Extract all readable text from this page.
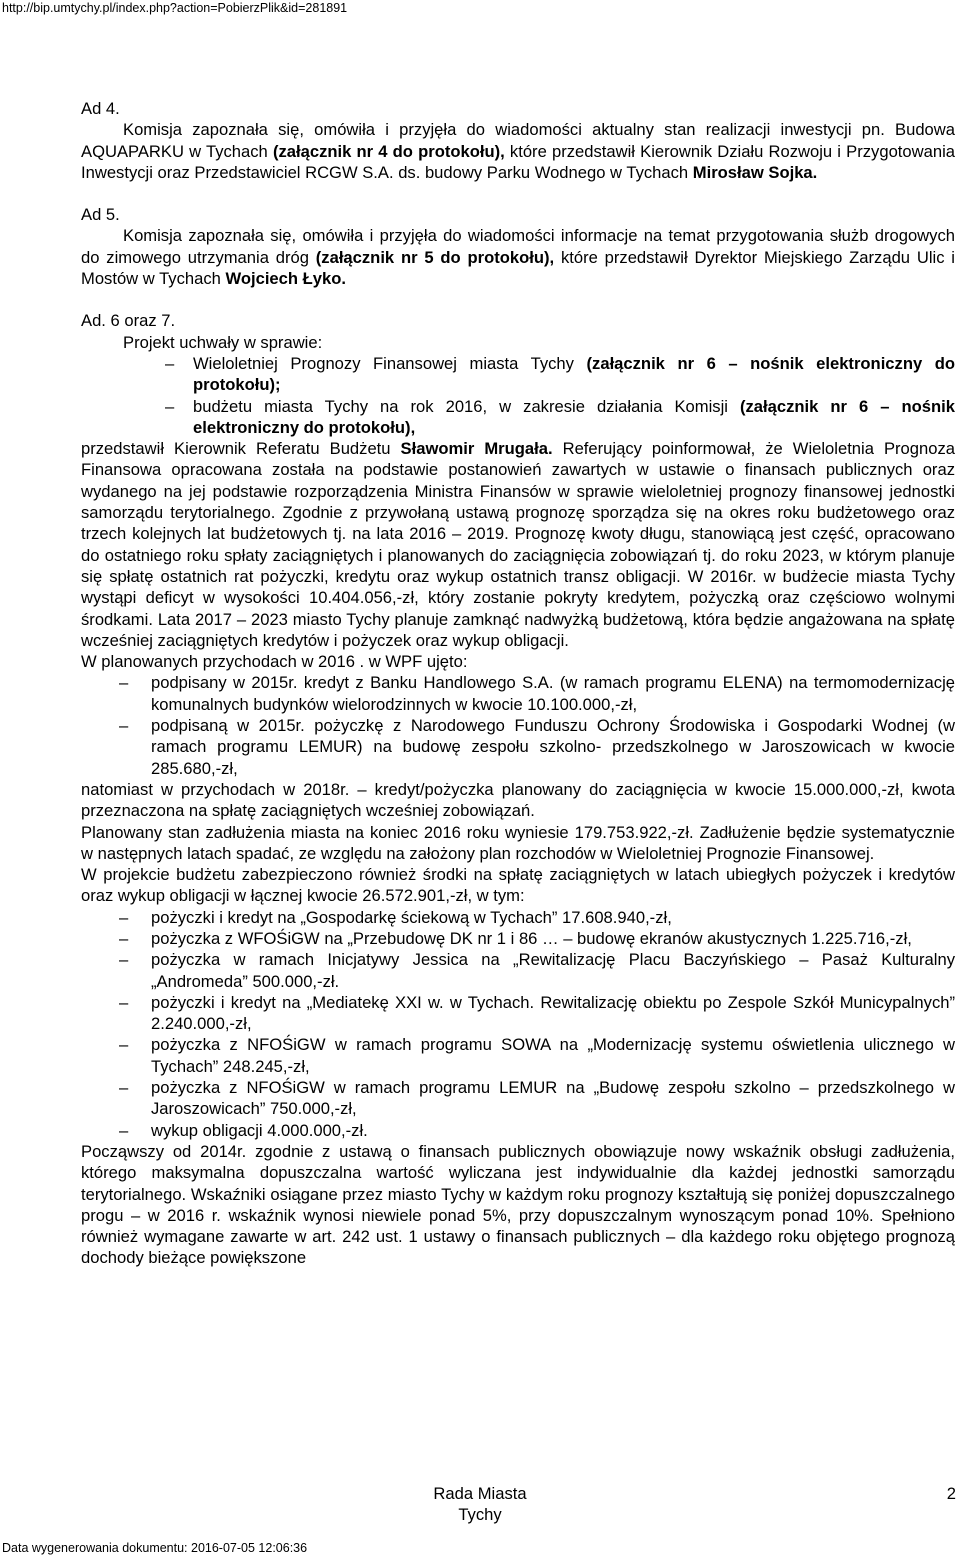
http://bip.umtychy.pl/index.php?action=PobierzPlik&id=281891

Ad 4.

Komisja zapoznała się, omówiła i przyjęła do wiadomości aktualny stan realizacji inwestycji pn. Budowa AQUAPARKU w Tychach (załącznik nr 4 do protokołu), które przedstawił Kierownik Działu Rozwoju i Przygotowania Inwestycji oraz Przedstawiciel RCGW S.A. ds. budowy Parku Wodnego w Tychach Mirosław Sojka.

Ad 5.

Komisja zapoznała się, omówiła i przyjęła do wiadomości informacje na temat przygotowania służb drogowych do zimowego utrzymania dróg (załącznik nr 5 do protokołu), które przedstawił Dyrektor Miejskiego Zarządu Ulic i Mostów w Tychach Wojciech Łyko.

Ad. 6 oraz 7.

Projekt uchwały w sprawie:

– Wieloletniej Prognozy Finansowej miasta Tychy (załącznik nr 6 – nośnik elektroniczny do protokołu);
– budżetu miasta Tychy na rok 2016, w zakresie działania Komisji (załącznik nr 6 – nośnik elektroniczny do protokołu),

przedstawił Kierownik Referatu Budżetu Sławomir Mrugała. Referujący poinformował, że Wieloletnia Prognoza Finansowa opracowana została na podstawie postanowień zawartych w ustawie o finansach publicznych oraz wydanego na jej podstawie rozporządzenia Ministra Finansów w sprawie wieloletniej prognozy finansowej jednostki samorządu terytorialnego. Zgodnie z przywołaną ustawą prognozę sporządza się na okres roku budżetowego oraz trzech kolejnych lat budżetowych tj. na lata 2016 – 2019. Prognozę kwoty długu, stanowiącą jest część, opracowano do ostatniego roku spłaty zaciągniętych i planowanych do zaciągnięcia zobowiązań tj. do roku 2023, w którym planuje się spłatę ostatnich rat pożyczki, kredytu oraz wykup ostatnich transz obligacji. W 2016r. w budżecie miasta Tychy wystąpi deficyt w wysokości 10.404.056,-zł, który zostanie pokryty kredytem, pożyczką oraz częściowo wolnymi środkami. Lata 2017 – 2023 miasto Tychy planuje zamknąć nadwyżką budżetową, która będzie angażowana na spłatę wcześniej zaciągniętych kredytów i pożyczek oraz wykup obligacji.

W planowanych przychodach w 2016 . w WPF ujęto:

– podpisany w 2015r. kredyt z Banku Handlowego S.A. (w ramach programu ELENA) na termomodernizację komunalnych budynków wielorodzinnych w kwocie 10.100.000,-zł,
– podpisaną w 2015r. pożyczkę z Narodowego Funduszu Ochrony Środowiska i Gospodarki Wodnej (w ramach programu LEMUR) na budowę zespołu szkolno- przedszkolnego w Jaroszowicach w kwocie 285.680,-zł,

natomiast w przychodach w 2018r. – kredyt/pożyczka planowany do zaciągnięcia w kwocie 15.000.000,-zł, kwota przeznaczona na spłatę zaciągniętych wcześniej zobowiązań.

Planowany stan zadłużenia miasta na koniec 2016 roku wyniesie 179.753.922,-zł. Zadłużenie będzie systematycznie w następnych latach spadać, ze względu na założony plan rozchodów w Wieloletniej Prognozie Finansowej.

W projekcie budżetu zabezpieczono również środki na spłatę zaciągniętych w latach ubiegłych pożyczek i kredytów oraz wykup obligacji w łącznej kwocie 26.572.901,-zł, w tym:

– pożyczki i kredyt na „Gospodarkę ściekową w Tychach” 17.608.940,-zł,
– pożyczka z WFOŚiGW na „Przebudowę DK nr 1 i 86 … – budowę ekranów akustycznych 1.225.716,-zł,
– pożyczka w ramach Inicjatywy Jessica na „Rewitalizację Placu Baczyńskiego – Pasaż Kulturalny „Andromeda” 500.000,-zł.
– pożyczki i kredyt na „Mediatekę XXI w. w Tychach. Rewitalizację obiektu po Zespole Szkół Municypalnych” 2.240.000,-zł,
– pożyczka z NFOŚiGW w ramach programu SOWA na „Modernizację systemu oświetlenia ulicznego w Tychach” 248.245,-zł,
– pożyczka z NFOŚiGW w ramach programu LEMUR na „Budowę zespołu szkolno – przedszkolnego w Jaroszowicach” 750.000,-zł,
– wykup obligacji 4.000.000,-zł.

Począwszy od 2014r. zgodnie z ustawą o finansach publicznych obowiązuje nowy wskaźnik obsługi zadłużenia, którego maksymalna dopuszczalna wartość wyliczana jest indywidualnie dla każdej jednostki samorządu terytorialnego. Wskaźniki osiągane przez miasto Tychy w każdym roku prognozy kształtują się poniżej dopuszczalnego progu – w 2016 r. wskaźnik wynosi niewiele ponad 5%, przy dopuszczalnym wynoszącym ponad 10%. Spełniono również wymagane zawarte w art. 242 ust. 1 ustawy o finansach publicznych – dla każdego roku objętego prognozą dochody bieżące powiększone

Rada Miasta
Tychy
2
Data wygenerowania dokumentu: 2016-07-05 12:06:36
